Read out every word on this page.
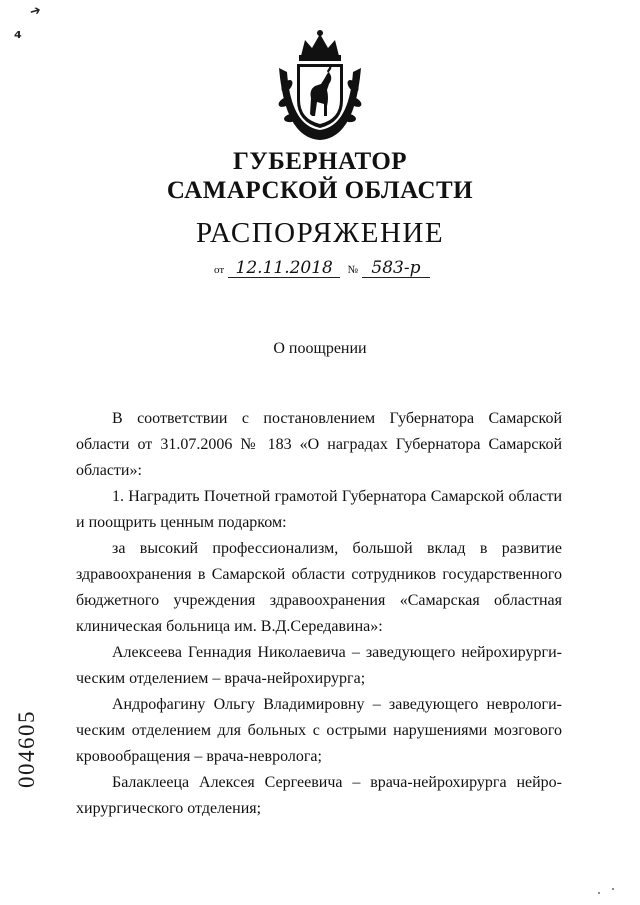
➔
⁴
ГУБЕРНАТОР
САМАРСКОЙ ОБЛАСТИ
РАСПОРЯЖЕНИЕ
от 12.11.2018 № 583-р
О поощрении

В соответствии с постановлением Губернатора Самарской области от 31.07.2006 № 183 «О наградах Губернатора Самарской области»:

1. Наградить Почетной грамотой Губернатора Самарской области и поощрить ценным подарком:

за высокий профессионализм, большой вклад в развитие здравоохранения в Самарской области сотрудников государственного бюджетного учреждения здравоохранения «Самарская областная клиническая больница им. В.Д.Середавина»:

Алексеева Геннадия Николаевича – заведующего нейрохирурги-ческим отделением – врача-нейрохирурга;

Андрофагину Ольгу Владимировну – заведующего неврологи-ческим отделением для больных с острыми нарушениями мозгового кровообращения – врача-невролога;

Балаклееца Алексея Сергеевича – врача-нейрохирурга нейро-хирургического отделения;

004605
